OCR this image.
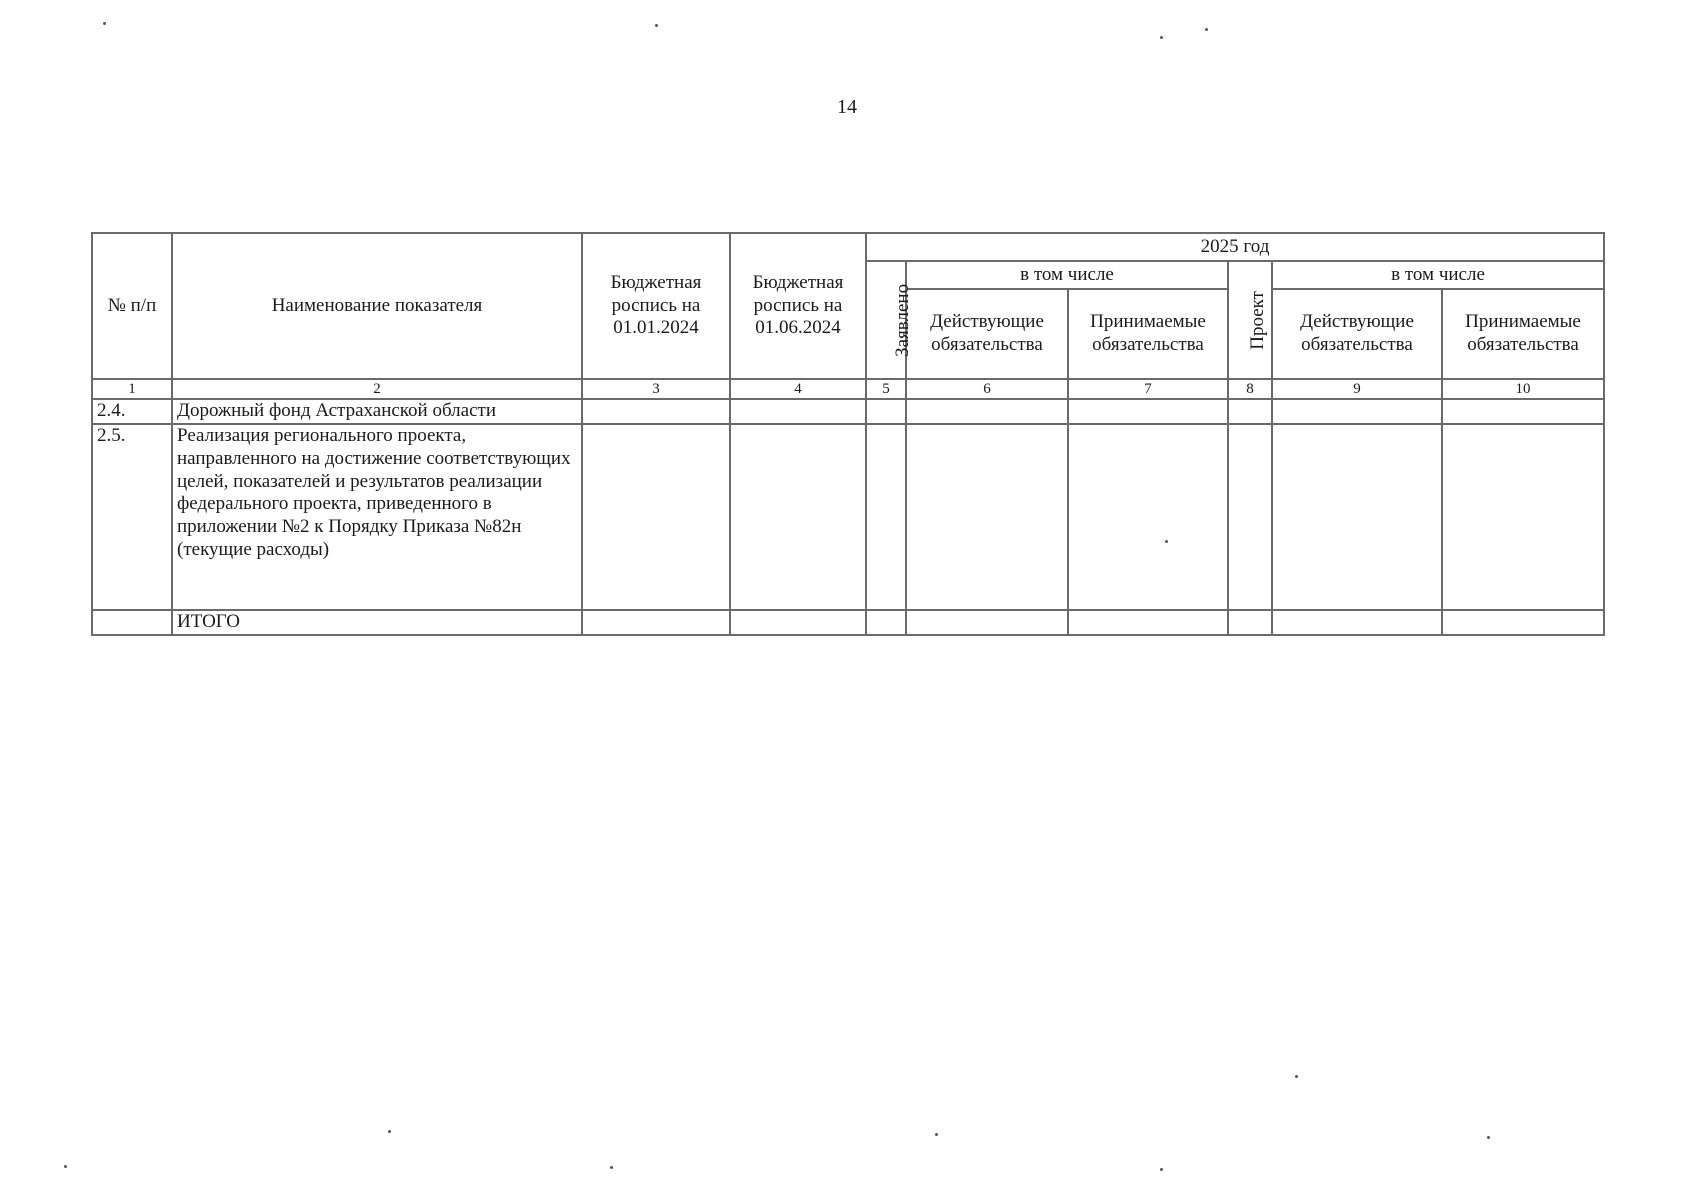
14
№ п/п	Наименование показателя	Бюджетная роспись на 01.01.2024	Бюджетная роспись на 01.06.2024	2025 год					
				Заявлено	в том числе		Проект	в том числе	
					Действующие обязательства	Принимаемые обязательства		Действующие обязательства	Принимаемые обязательства
1	2	3	4	5	6	7	8	9	10
2.4.	Дорожный фонд Астраханской области								
2.5.	Реализация регионального проекта, направленного на достижение соответствующих целей, показателей и результатов реализации федерального проекта, приведенного в приложении №2 к Порядку Приказа №82н (текущие расходы)								
	ИТОГО								
